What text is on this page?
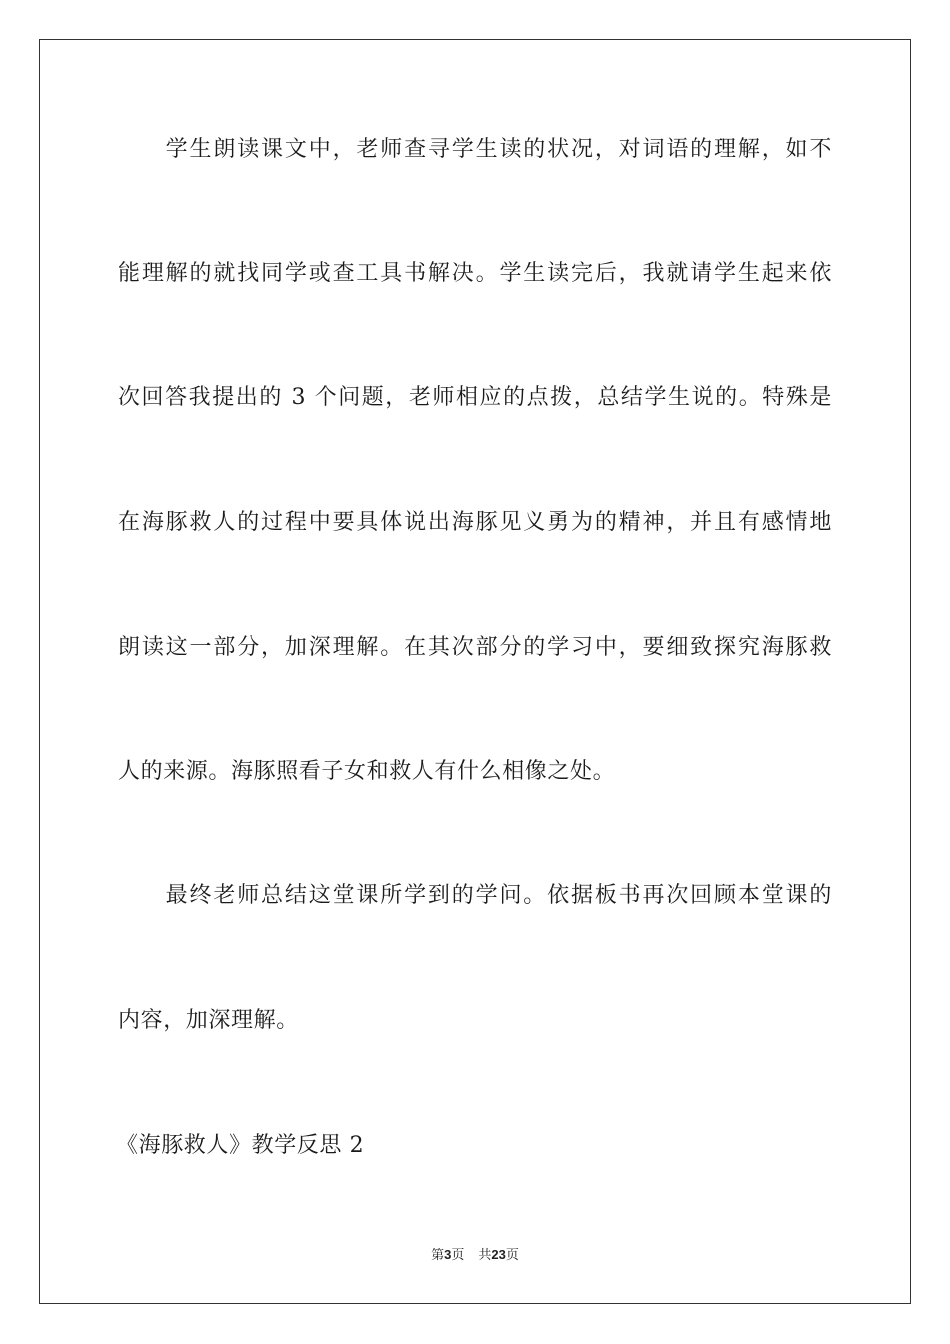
　　学生朗读课文中，老师查寻学生读的状况，对词语的理解，如不
能理解的就找同学或查工具书解决。学生读完后，我就请学生起来依
次回答我提出的 3 个问题，老师相应的点拨，总结学生说的。特殊是
在海豚救人的过程中要具体说出海豚见义勇为的精神，并且有感情地
朗读这一部分，加深理解。在其次部分的学习中，要细致探究海豚救
人的来源。海豚照看子女和救人有什么相像之处。
　　最终老师总结这堂课所学到的学问。依据板书再次回顾本堂课的
内容，加深理解。
《海豚救人》教学反思 2
第3页 共23页
